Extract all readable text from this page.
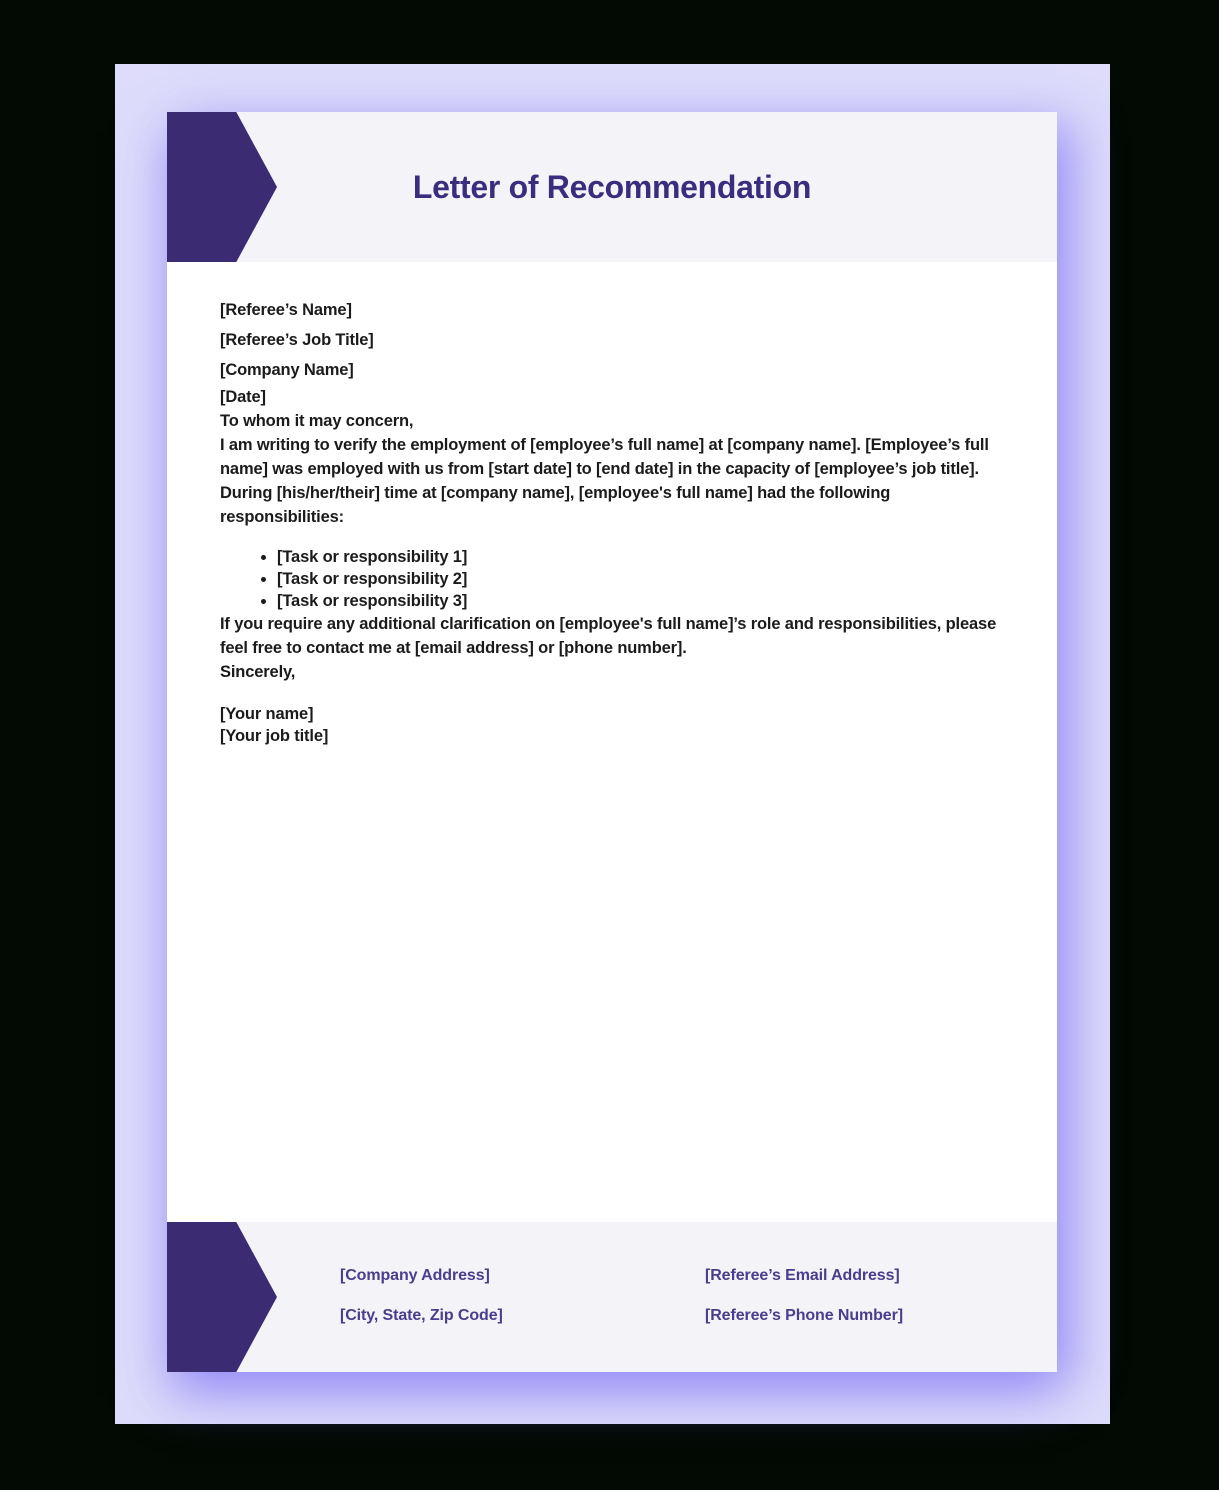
Letter of Recommendation

[Referee’s Name]

[Referee’s Job Title]

[Company Name]

[Date]

To whom it may concern,

I am writing to verify the employment of [employee’s full name] at [company name]. [Employee’s full name] was employed with us from [start date] to [end date] in the capacity of [employee’s job title].

During [his/her/their] time at [company name], [employee's full name] had the following responsibilities:

• [Task or responsibility 1]
• [Task or responsibility 2]
• [Task or responsibility 3]

If you require any additional clarification on [employee's full name]’s role and responsibilities, please feel free to contact me at [email address] or [phone number].

Sincerely,

[Your name]

[Your job title]

[Company Address]

[City, State, Zip Code]

[Referee’s Email Address]

[Referee’s Phone Number]
